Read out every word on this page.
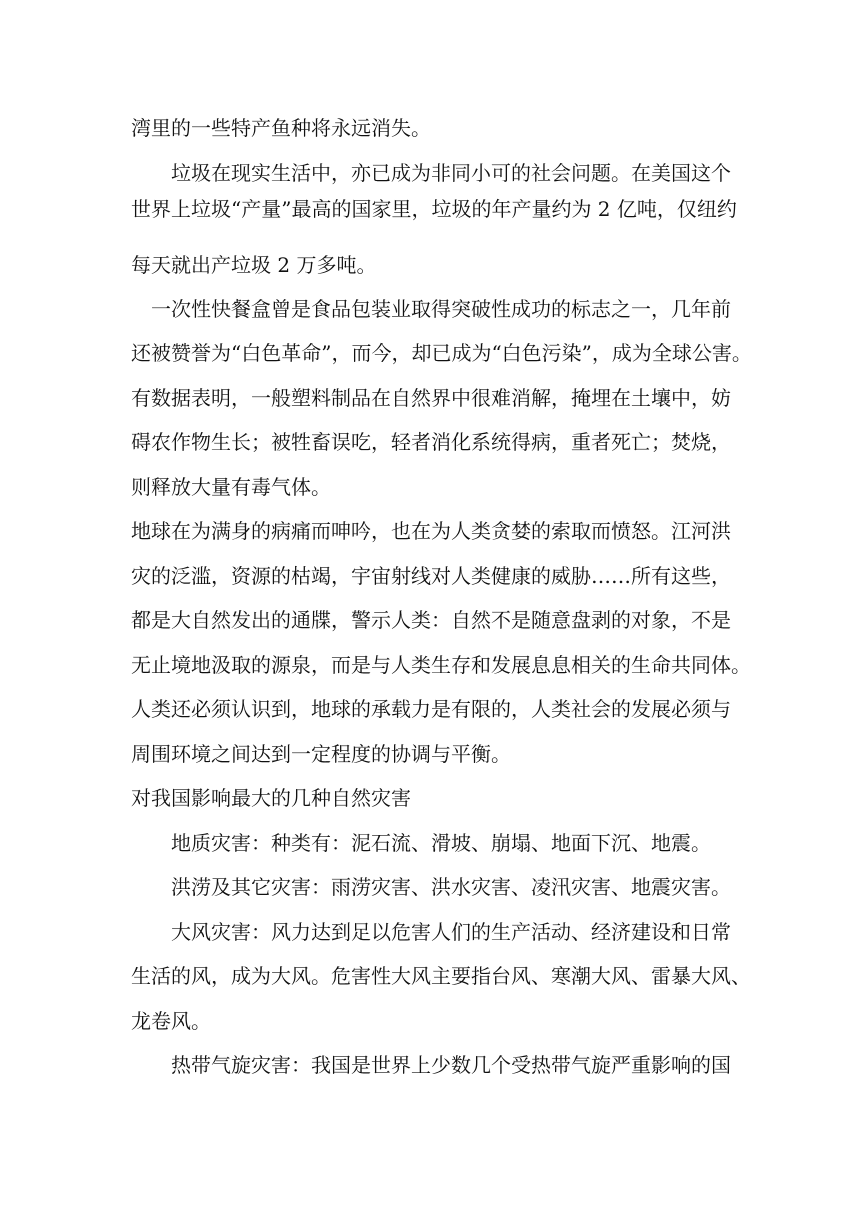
湾里的一些特产鱼种将永远消失。
垃圾在现实生活中，亦已成为非同小可的社会问题。在美国这个
世界上垃圾“产量”最高的国家里，垃圾的年产量约为 2 亿吨，仅纽约
每天就出产垃圾 2 万多吨。
一次性快餐盒曾是食品包装业取得突破性成功的标志之一，几年前
还被赞誉为“白色革命”，而今，却已成为“白色污染”，成为全球公害。
有数据表明，一般塑料制品在自然界中很难消解，掩埋在土壤中，妨
碍农作物生长；被牲畜误吃，轻者消化系统得病，重者死亡；焚烧，
则释放大量有毒气体。
地球在为满身的病痛而呻吟，也在为人类贪婪的索取而愤怒。江河洪
灾的泛滥，资源的枯竭，宇宙射线对人类健康的威胁……所有这些，
都是大自然发出的通牒，警示人类：自然不是随意盘剥的对象，不是
无止境地汲取的源泉，而是与人类生存和发展息息相关的生命共同体。
人类还必须认识到，地球的承载力是有限的，人类社会的发展必须与
周围环境之间达到一定程度的协调与平衡。
对我国影响最大的几种自然灾害
地质灾害：种类有：泥石流、滑坡、崩塌、地面下沉、地震。
洪涝及其它灾害：雨涝灾害、洪水灾害、凌汛灾害、地震灾害。
大风灾害：风力达到足以危害人们的生产活动、经济建设和日常
生活的风，成为大风。危害性大风主要指台风、寒潮大风、雷暴大风、
龙卷风。
热带气旋灾害：我国是世界上少数几个受热带气旋严重影响的国
